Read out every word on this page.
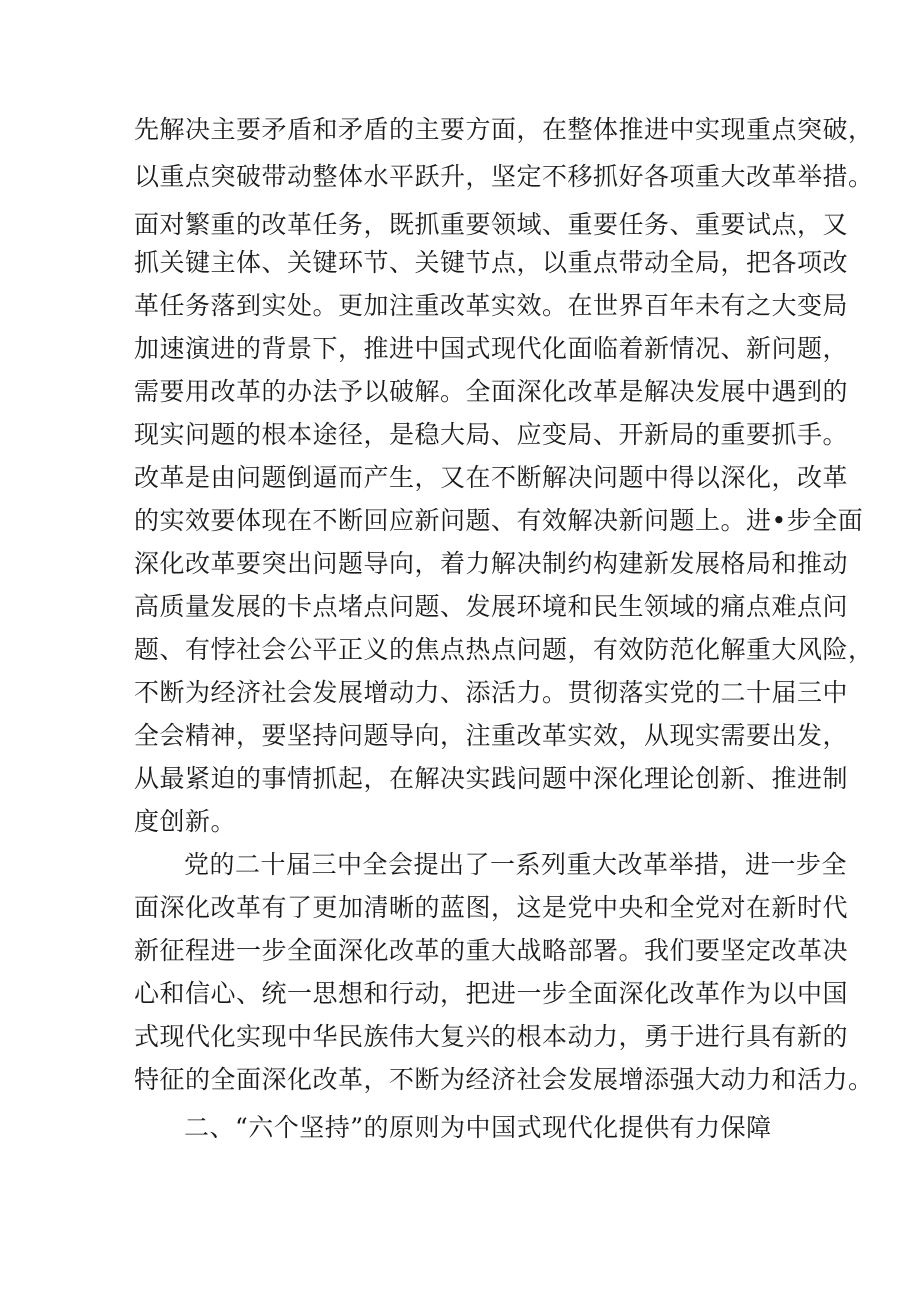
先解决主要矛盾和矛盾的主要方面，在整体推进中实现重点突破，
以重点突破带动整体水平跃升，坚定不移抓好各项重大改革举措。
面对繁重的改革任务，既抓重要领域、重要任务、重要试点，又
抓关键主体、关键环节、关键节点，以重点带动全局，把各项改
革任务落到实处。更加注重改革实效。在世界百年未有之大变局
加速演进的背景下，推进中国式现代化面临着新情况、新问题，
需要用改革的办法予以破解。全面深化改革是解决发展中遇到的
现实问题的根本途径，是稳大局、应变局、开新局的重要抓手。
改革是由问题倒逼而产生，又在不断解决问题中得以深化，改革
的实效要体现在不断回应新问题、有效解决新问题上。进•步全面
深化改革要突出问题导向，着力解决制约构建新发展格局和推动
高质量发展的卡点堵点问题、发展环境和民生领域的痛点难点问
题、有悖社会公平正义的焦点热点问题，有效防范化解重大风险，
不断为经济社会发展增动力、添活力。贯彻落实党的二十届三中
全会精神，要坚持问题导向，注重改革实效，从现实需要出发，
从最紧迫的事情抓起，在解决实践问题中深化理论创新、推进制
度创新。
党的二十届三中全会提出了一系列重大改革举措，进一步全
面深化改革有了更加清晰的蓝图，这是党中央和全党对在新时代
新征程进一步全面深化改革的重大战略部署。我们要坚定改革决
心和信心、统一思想和行动，把进一步全面深化改革作为以中国
式现代化实现中华民族伟大复兴的根本动力，勇于进行具有新的
特征的全面深化改革，不断为经济社会发展增添强大动力和活力。
二、“六个坚持”的原则为中国式现代化提供有力保障
